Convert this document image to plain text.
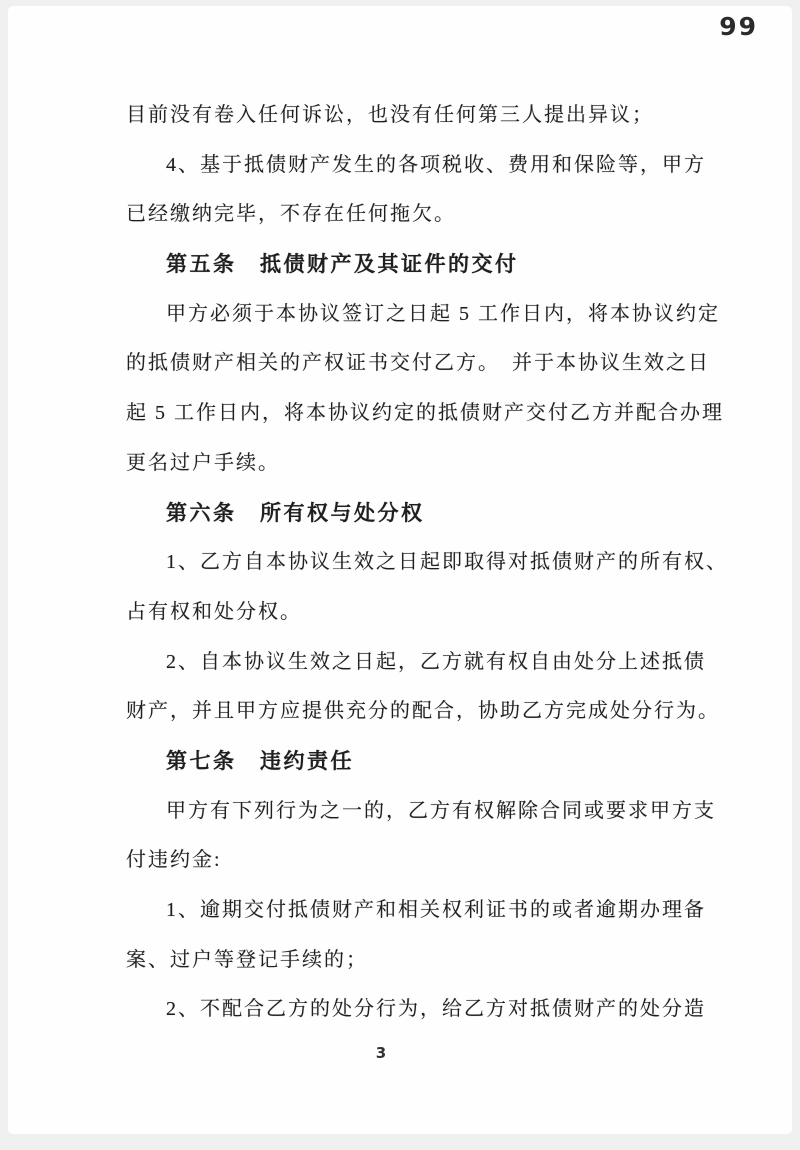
99
目前没有卷入任何诉讼，也没有任何第三人提出异议；
4、基于抵债财产发生的各项税收、费用和保险等，甲方
已经缴纳完毕，不存在任何拖欠。
第五条　抵债财产及其证件的交付
甲方必须于本协议签订之日起 5 工作日内，将本协议约定
的抵债财产相关的产权证书交付乙方。　并于本协议生效之日
起 5 工作日内，将本协议约定的抵债财产交付乙方并配合办理
更名过户手续。
第六条　所有权与处分权
1、乙方自本协议生效之日起即取得对抵债财产的所有权、
占有权和处分权。
2、自本协议生效之日起，乙方就有权自由处分上述抵债
财产，并且甲方应提供充分的配合，协助乙方完成处分行为。
第七条　违约责任
甲方有下列行为之一的，乙方有权解除合同或要求甲方支
付违约金:
1、逾期交付抵债财产和相关权利证书的或者逾期办理备
案、过户等登记手续的；
2、不配合乙方的处分行为，给乙方对抵债财产的处分造
3
